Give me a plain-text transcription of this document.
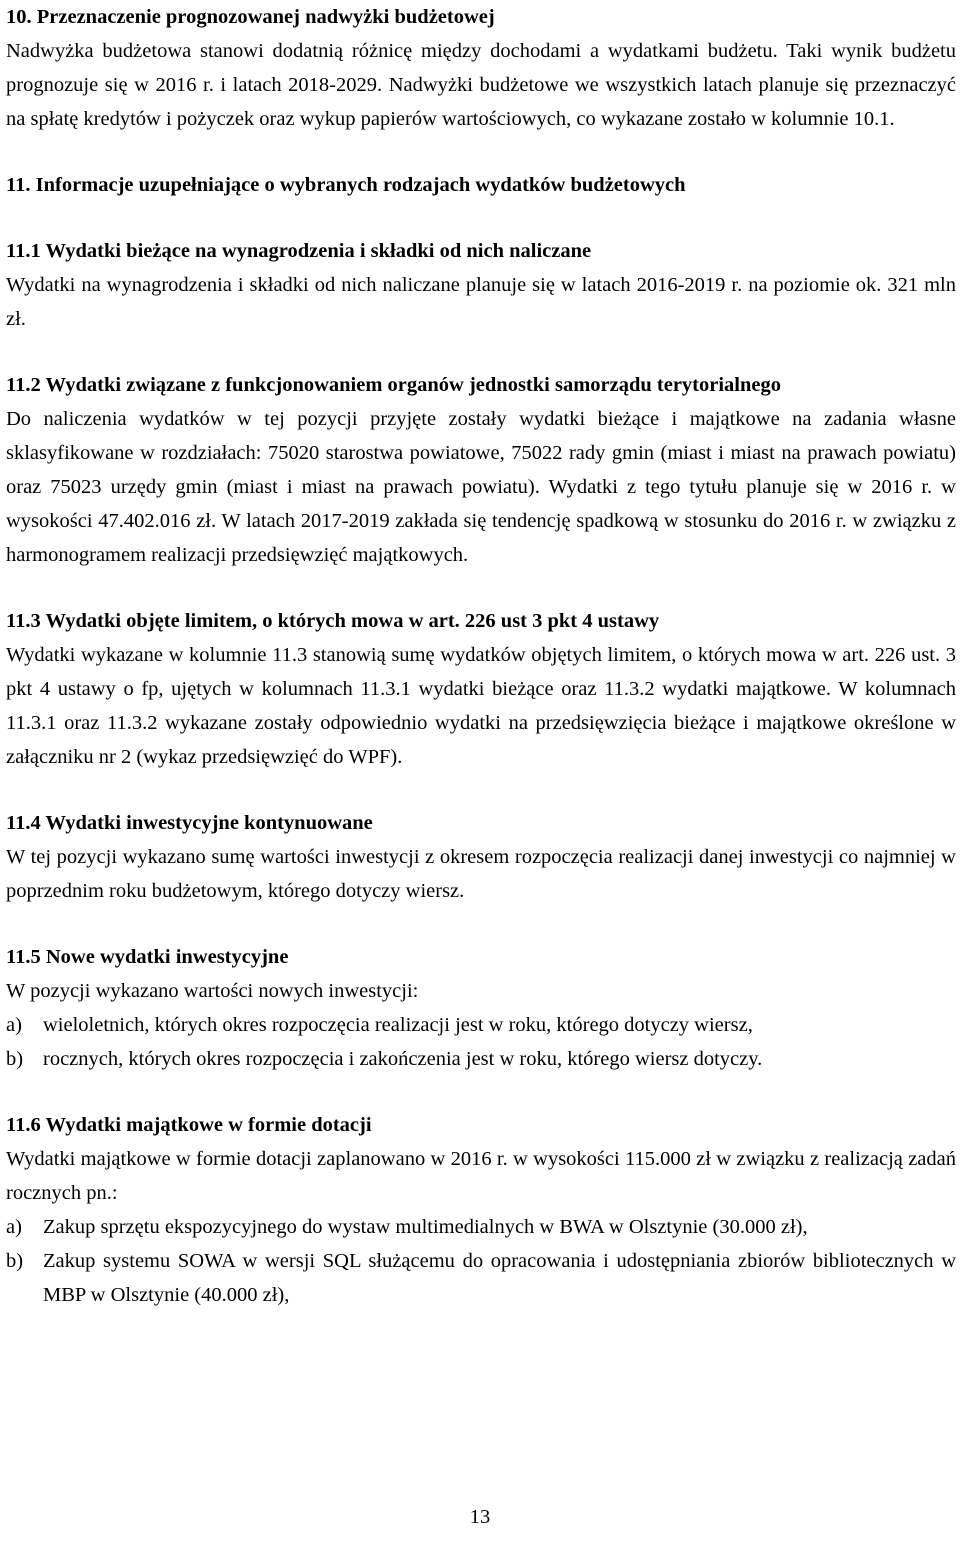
10. Przeznaczenie prognozowanej nadwyżki budżetowej

Nadwyżka budżetowa stanowi dodatnią różnicę między dochodami a wydatkami budżetu. Taki wynik budżetu prognozuje się w 2016 r. i latach 2018-2029. Nadwyżki budżetowe we wszystkich latach planuje się przeznaczyć na spłatę kredytów i pożyczek oraz wykup papierów wartościowych, co wykazane zostało w kolumnie 10.1.

11. Informacje uzupełniające o wybranych rodzajach wydatków budżetowych
11.1 Wydatki bieżące na wynagrodzenia i składki od nich naliczane

Wydatki na wynagrodzenia i składki od nich naliczane planuje się w latach 2016-2019 r. na poziomie ok. 321 mln zł.

11.2 Wydatki związane z funkcjonowaniem organów jednostki samorządu terytorialnego

Do naliczenia wydatków w tej pozycji przyjęte zostały wydatki bieżące i majątkowe na zadania własne sklasyfikowane w rozdziałach: 75020 starostwa powiatowe, 75022 rady gmin (miast i miast na prawach powiatu) oraz 75023 urzędy gmin (miast i miast na prawach powiatu). Wydatki z tego tytułu planuje się w 2016 r. w wysokości 47.402.016 zł. W latach 2017-2019 zakłada się tendencję spadkową w stosunku do 2016 r. w związku z harmonogramem realizacji przedsięwzięć majątkowych.

11.3 Wydatki objęte limitem, o których mowa w art. 226 ust 3 pkt 4 ustawy

Wydatki wykazane w kolumnie 11.3 stanowią sumę wydatków objętych limitem, o których mowa w art. 226 ust. 3 pkt 4 ustawy o fp, ujętych w kolumnach 11.3.1 wydatki bieżące oraz 11.3.2 wydatki majątkowe. W kolumnach 11.3.1 oraz 11.3.2 wykazane zostały odpowiednio wydatki na przedsięwzięcia bieżące i majątkowe określone w załączniku nr 2 (wykaz przedsięwzięć do WPF).

11.4 Wydatki inwestycyjne kontynuowane

W tej pozycji wykazano sumę wartości inwestycji z okresem rozpoczęcia realizacji danej inwestycji co najmniej w poprzednim roku budżetowym, którego dotyczy wiersz.

11.5 Nowe wydatki inwestycyjne

W pozycji wykazano wartości nowych inwestycji:

a) wieloletnich, których okres rozpoczęcia realizacji jest w roku, którego dotyczy wiersz,
b) rocznych, których okres rozpoczęcia i zakończenia jest w roku, którego wiersz dotyczy.
11.6 Wydatki majątkowe w formie dotacji

Wydatki majątkowe w formie dotacji zaplanowano w 2016 r. w wysokości 115.000 zł w związku z realizacją zadań rocznych pn.:

a) Zakup sprzętu ekspozycyjnego do wystaw multimedialnych w BWA w Olsztynie (30.000 zł),
b) Zakup systemu SOWA w wersji SQL służącemu do opracowania i udostępniania zbiorów bibliotecznych w MBP w Olsztynie (40.000 zł),
13
